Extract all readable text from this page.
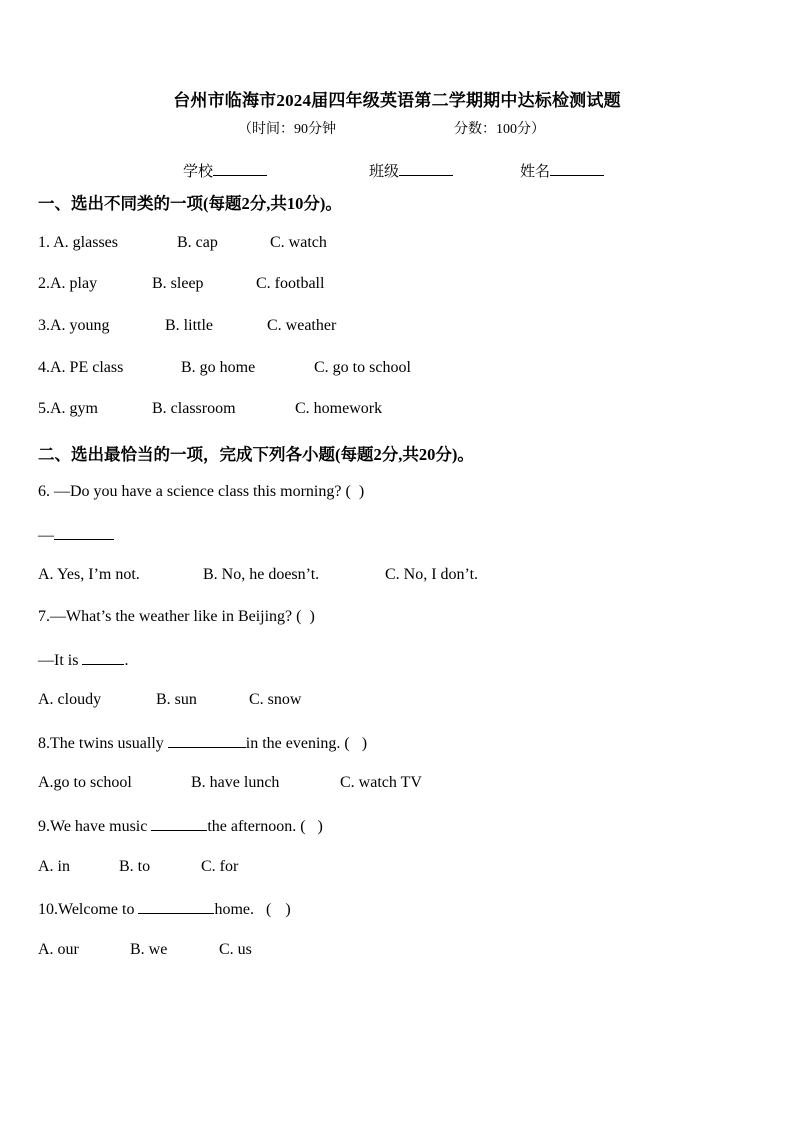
台州市临海市2024届四年级英语第二学期期中达标检测试题
（时间：90分钟	分数：100分）
学校	班级	姓名
一、选出不同类的一项(每题2分,共10分)。
1. A. glasses	B. cap	C. watch
2.A. play	B. sleep	C. football
3.A. young	B. little	C. weather
4.A. PE class	B. go home	C. go to school
5.A. gym	B. classroom	C. homework
二、选出最恰当的一项，完成下列各小题(每题2分,共20分)。
6. —Do you have a science class this morning? ( )
—
A. Yes, I’m not.	B. No, he doesn’t.	C. No, I don’t.
7.—What’s the weather like in Beijing? ( )
—It is	.
A. cloudy	B. sun	C. snow
8.The twins usually	in the evening. ( )
A.go to school	B. have lunch	C. watch TV
9.We have music	the afternoon. ( )
A. in	B. to	C. for
10.Welcome to	home.   ( )
A. our	B. we	C. us
